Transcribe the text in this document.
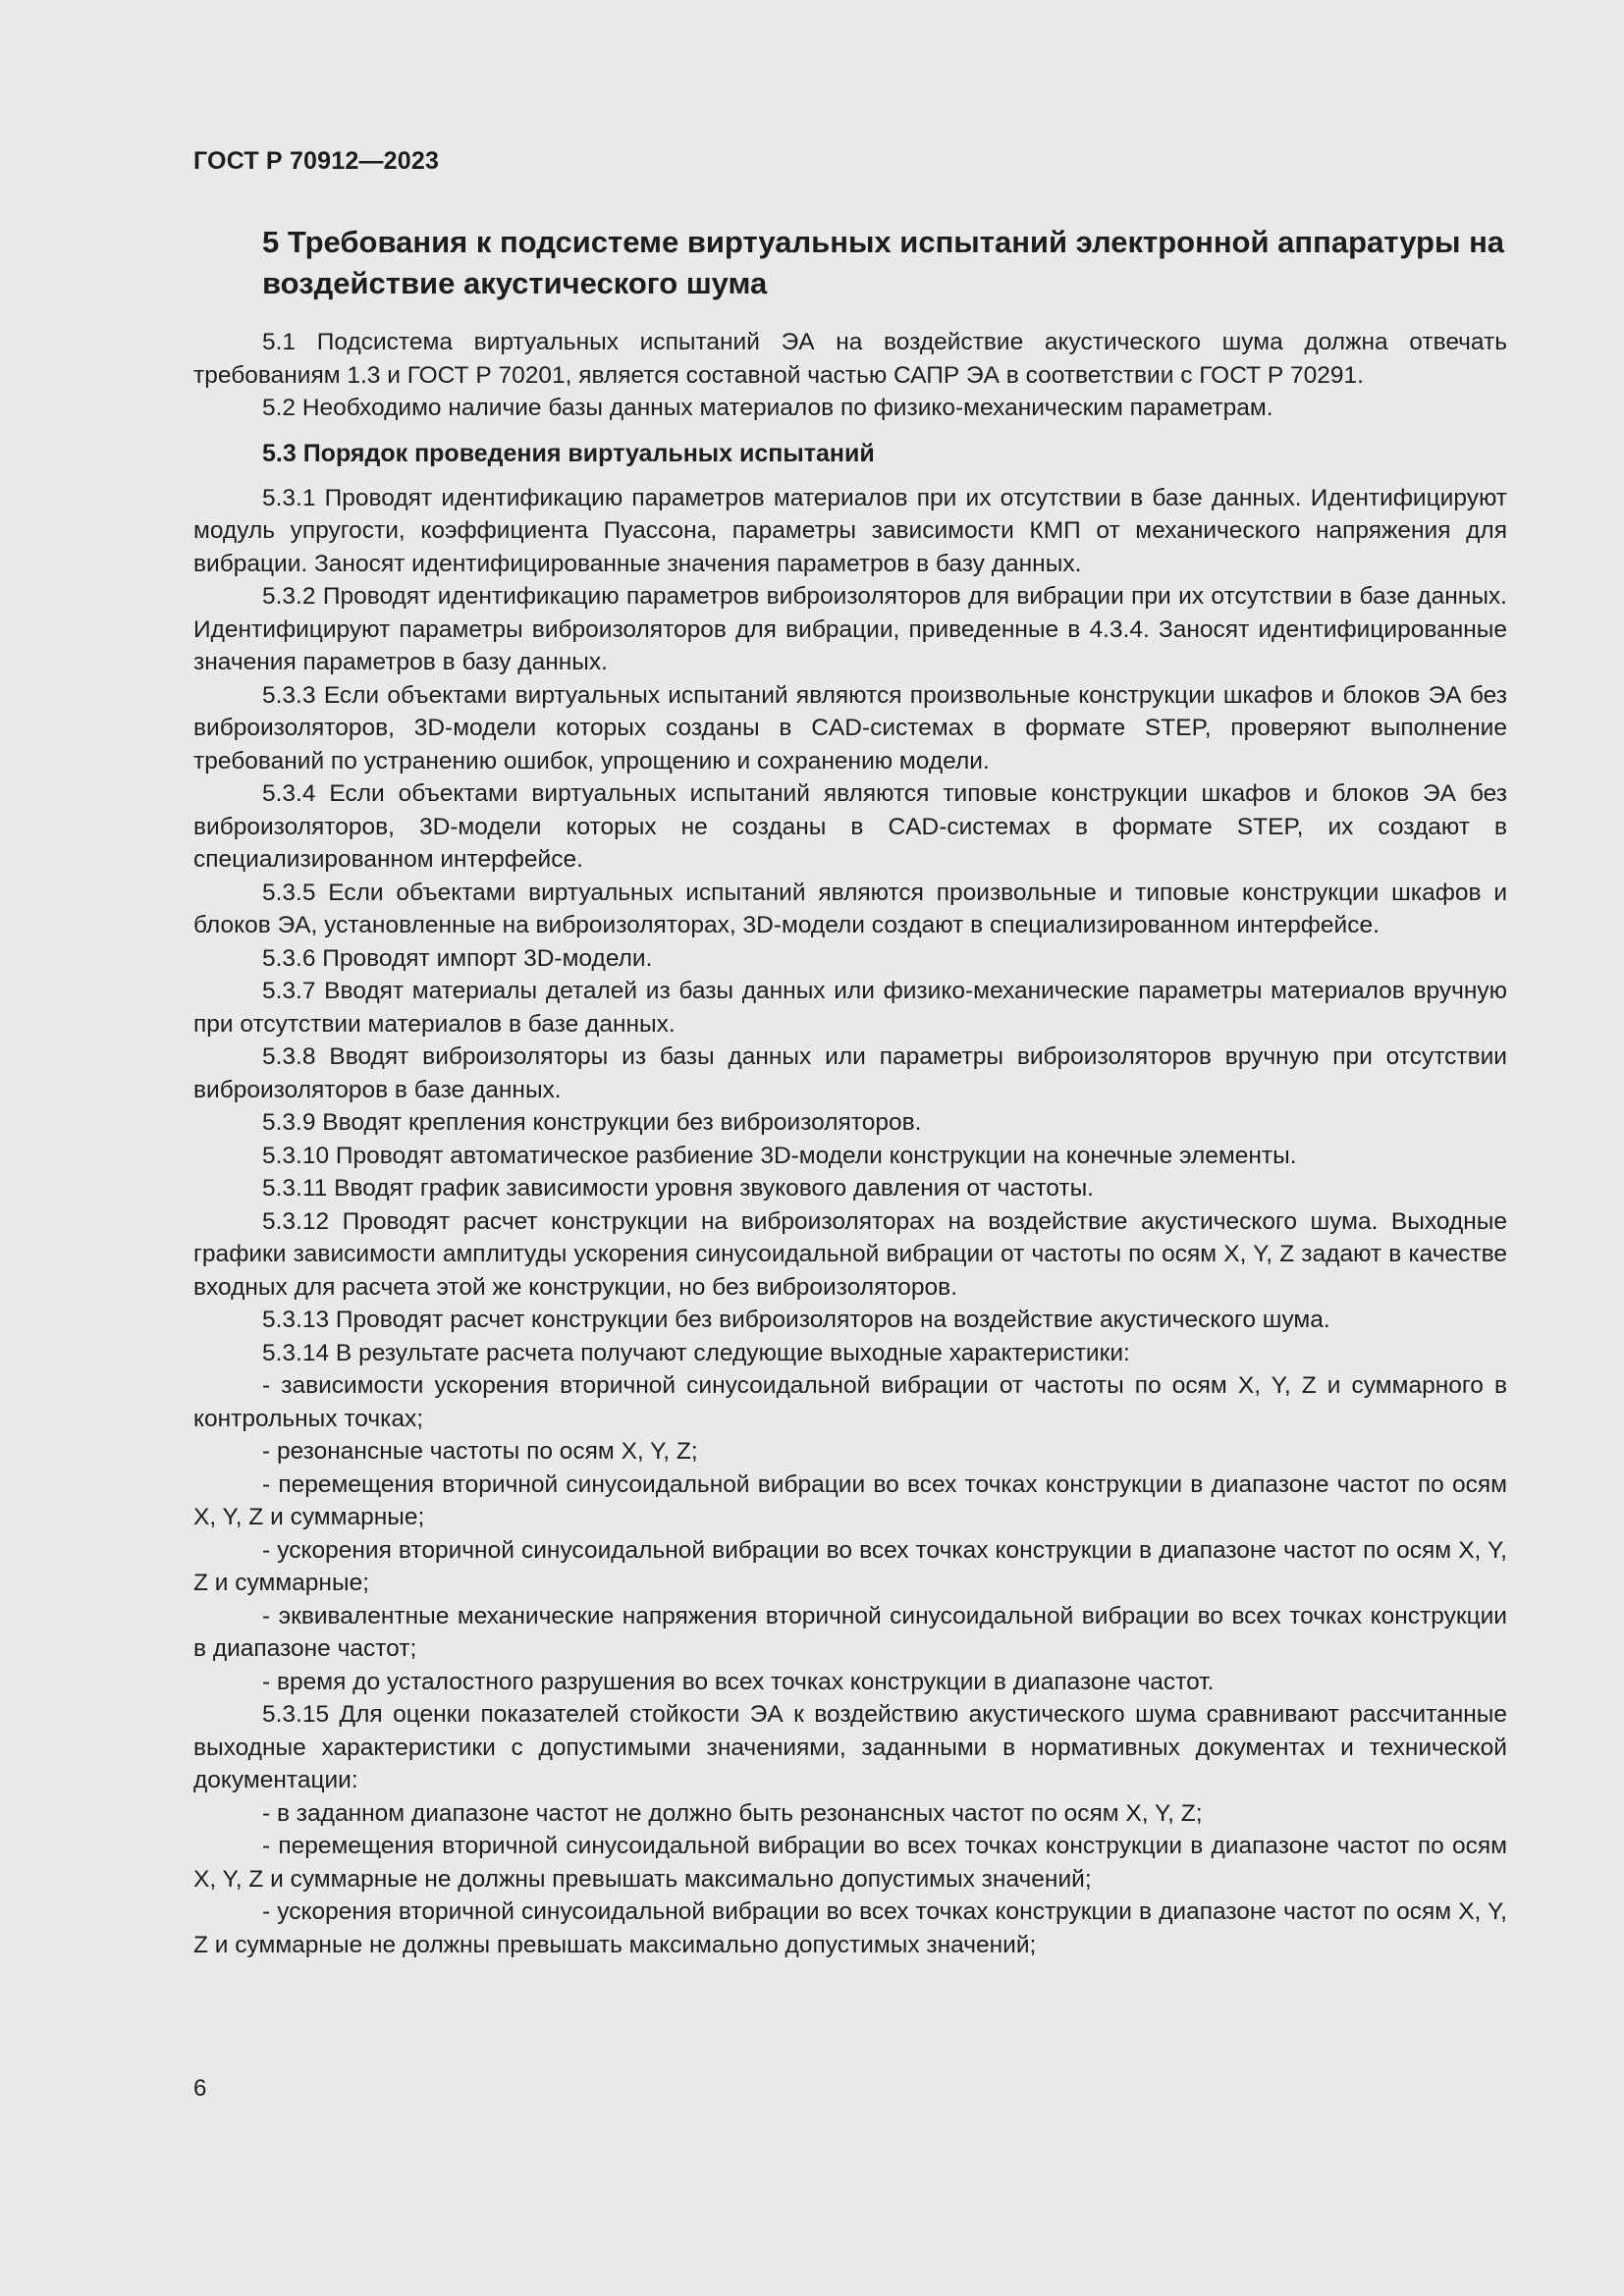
ГОСТ Р 70912—2023
5 Требования к подсистеме виртуальных испытаний электронной аппаратуры на воздействие акустического шума

5.1 Подсистема виртуальных испытаний ЭА на воздействие акустического шума должна отвечать требованиям 1.3 и ГОСТ Р 70201, является составной частью САПР ЭА в соответствии с ГОСТ Р 70291.

5.2 Необходимо наличие базы данных материалов по физико-механическим параметрам.

5.3 Порядок проведения виртуальных испытаний

5.3.1 Проводят идентификацию параметров материалов при их отсутствии в базе данных. Идентифицируют модуль упругости, коэффициента Пуассона, параметры зависимости КМП от механического напряжения для вибрации. Заносят идентифицированные значения параметров в базу данных.

5.3.2 Проводят идентификацию параметров виброизоляторов для вибрации при их отсутствии в базе данных. Идентифицируют параметры виброизоляторов для вибрации, приведенные в 4.3.4. Заносят идентифицированные значения параметров в базу данных.

5.3.3 Если объектами виртуальных испытаний являются произвольные конструкции шкафов и блоков ЭА без виброизоляторов, 3D-модели которых созданы в CAD-системах в формате STEP, проверяют выполнение требований по устранению ошибок, упрощению и сохранению модели.

5.3.4 Если объектами виртуальных испытаний являются типовые конструкции шкафов и блоков ЭА без виброизоляторов, 3D-модели которых не созданы в CAD-системах в формате STEP, их создают в специализированном интерфейсе.

5.3.5 Если объектами виртуальных испытаний являются произвольные и типовые конструкции шкафов и блоков ЭА, установленные на виброизоляторах, 3D-модели создают в специализированном интерфейсе.

5.3.6 Проводят импорт 3D-модели.

5.3.7 Вводят материалы деталей из базы данных или физико-механические параметры материалов вручную при отсутствии материалов в базе данных.

5.3.8 Вводят виброизоляторы из базы данных или параметры виброизоляторов вручную при отсутствии виброизоляторов в базе данных.

5.3.9 Вводят крепления конструкции без виброизоляторов.

5.3.10 Проводят автоматическое разбиение 3D-модели конструкции на конечные элементы.

5.3.11 Вводят график зависимости уровня звукового давления от частоты.

5.3.12 Проводят расчет конструкции на виброизоляторах на воздействие акустического шума. Выходные графики зависимости амплитуды ускорения синусоидальной вибрации от частоты по осям X, Y, Z задают в качестве входных для расчета этой же конструкции, но без виброизоляторов.

5.3.13 Проводят расчет конструкции без виброизоляторов на воздействие акустического шума.

5.3.14 В результате расчета получают следующие выходные характеристики:

- зависимости ускорения вторичной синусоидальной вибрации от частоты по осям X, Y, Z и суммарного в контрольных точках;

- резонансные частоты по осям X, Y, Z;

- перемещения вторичной синусоидальной вибрации во всех точках конструкции в диапазоне частот по осям X, Y, Z и суммарные;

- ускорения вторичной синусоидальной вибрации во всех точках конструкции в диапазоне частот по осям X, Y, Z и суммарные;

- эквивалентные механические напряжения вторичной синусоидальной вибрации во всех точках конструкции в диапазоне частот;

- время до усталостного разрушения во всех точках конструкции в диапазоне частот.

5.3.15 Для оценки показателей стойкости ЭА к воздействию акустического шума сравнивают рассчитанные выходные характеристики с допустимыми значениями, заданными в нормативных документах и технической документации:

- в заданном диапазоне частот не должно быть резонансных частот по осям X, Y, Z;

- перемещения вторичной синусоидальной вибрации во всех точках конструкции в диапазоне частот по осям X, Y, Z и суммарные не должны превышать максимально допустимых значений;

- ускорения вторичной синусоидальной вибрации во всех точках конструкции в диапазоне частот по осям X, Y, Z и суммарные не должны превышать максимально допустимых значений;

6
